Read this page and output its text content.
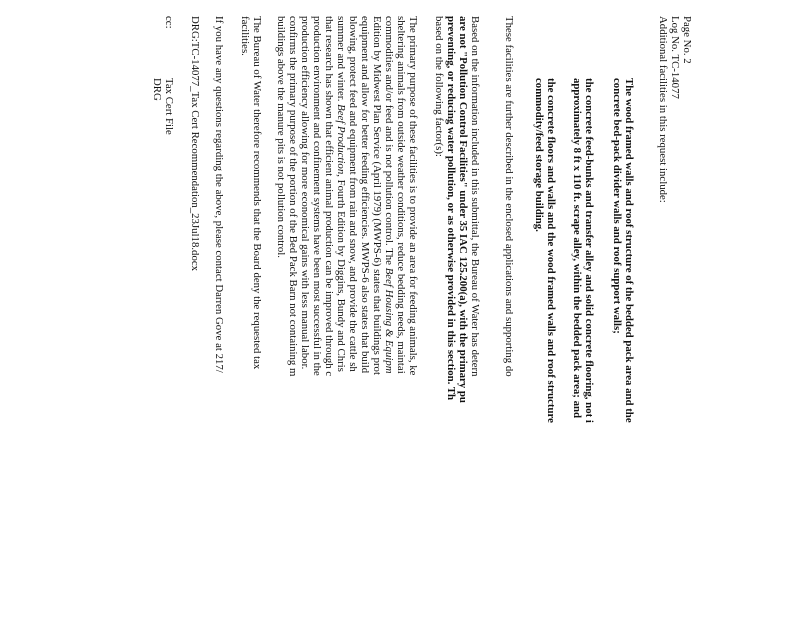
Page No. 2
Log No. TC-14077
Additional facilities in this request include:
The wood framed walls and roof structure of the bedded pack area and the
concrete bed-pack divider walls and roof support walls;
the concrete feed-bunks and transfer alley and solid concrete flooring, not i
approximately 8 ft x 110 ft. scrape alley, within the bedded pack area; and
the concrete floors and walls and the wood framed walls and roof structure
commodity/feed storage building.
These facilities are further described in the enclosed applications and supporting do
Based on the information included in this submittal, the Bureau of Water has detern
are not "Pollution Control Facilities" under 35 IAC 125.200(a), with the primary pu
preventing, or reducing water pollution, or as otherwise provided in this section. Th
based on the following factor(s):
The primary purpose of these facilities is to provide an area for feeding animals, ke
sheltering animals from outside weather conditions, reduce bedding needs, maintai
commodities and/or feed and is not pollution control. The Beef Housing & Equipm
Edition by Midwest Plan Service (April 1979) (MWPS-6) states that buildings prot
equipment and allow for better feeding efficiencies. MWPS-6 also states that build
blowing, protect feed and equipment from rain and snow, and provide the cattle sh
summer and winter. Beef Production, Fourth Edition by Diggins, Bundy and Chris
that research has shown that efficient animal production can be improved through c
production environment and confinement systems have been most successful in the
production efficiency allowing for more economical gains with less manual labor.
confirms the primary purpose of the portion of the Bed Pack Barn not containing m
buildings above the manure pits is not pollution control.
The Bureau of Water therefore recommends that the Board deny the requested tax
facilities.
If you have any questions regarding the above, please contact Darren Gove at 217/
DRG:TC-14077_Tax Cert Recommendation_23Jul18.docx
cc:
Tax Cert File
DRG
